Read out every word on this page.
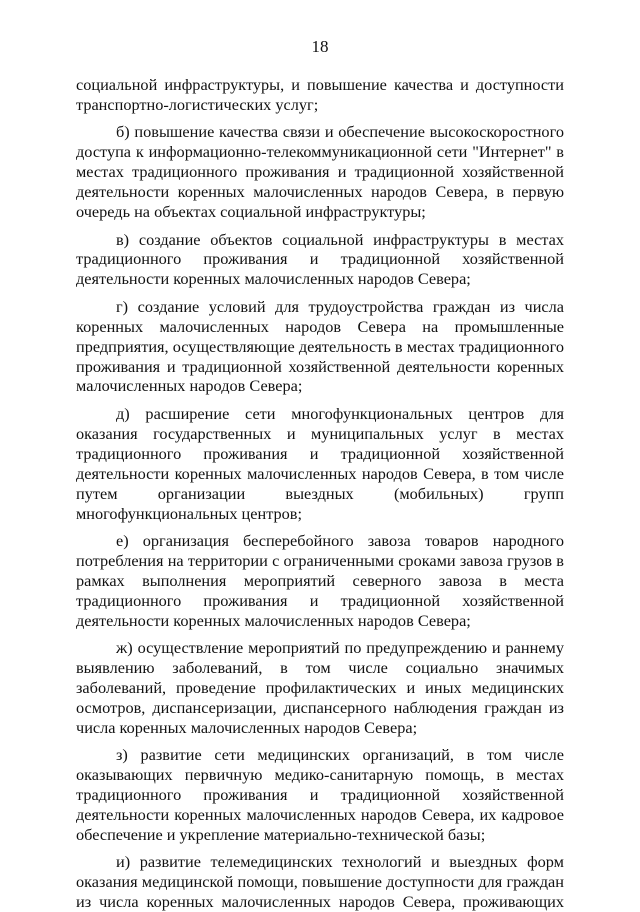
18

социальной инфраструктуры, и повышение качества и доступности транспортно-логистических услуг;

б) повышение качества связи и обеспечение высокоскоростного доступа к информационно-телекоммуникационной сети "Интернет" в местах традиционного проживания и традиционной хозяйственной деятельности коренных малочисленных народов Севера, в первую очередь на объектах социальной инфраструктуры;

в) создание объектов социальной инфраструктуры в местах традиционного проживания и традиционной хозяйственной деятельности коренных малочисленных народов Севера;

г) создание условий для трудоустройства граждан из числа коренных малочисленных народов Севера на промышленные предприятия, осуществляющие деятельность в местах традиционного проживания и традиционной хозяйственной деятельности коренных малочисленных народов Севера;

д) расширение сети многофункциональных центров для оказания государственных и муниципальных услуг в местах традиционного проживания и традиционной хозяйственной деятельности коренных малочисленных народов Севера, в том числе путем организации выездных (мобильных) групп многофункциональных центров;

е) организация бесперебойного завоза товаров народного потребления на территории с ограниченными сроками завоза грузов в рамках выполнения мероприятий северного завоза в места традиционного проживания и традиционной хозяйственной деятельности коренных малочисленных народов Севера;

ж) осуществление мероприятий по предупреждению и раннему выявлению заболеваний, в том числе социально значимых заболеваний, проведение профилактических и иных медицинских осмотров, диспансеризации, диспансерного наблюдения граждан из числа коренных малочисленных народов Севера;

з) развитие сети медицинских организаций, в том числе оказывающих первичную медико-санитарную помощь, в местах традиционного проживания и традиционной хозяйственной деятельности коренных малочисленных народов Севера, их кадровое обеспечение и укрепление материально-технической базы;

и) развитие телемедицинских технологий и выездных форм оказания медицинской помощи, повышение доступности для граждан из числа коренных малочисленных народов Севера, проживающих
